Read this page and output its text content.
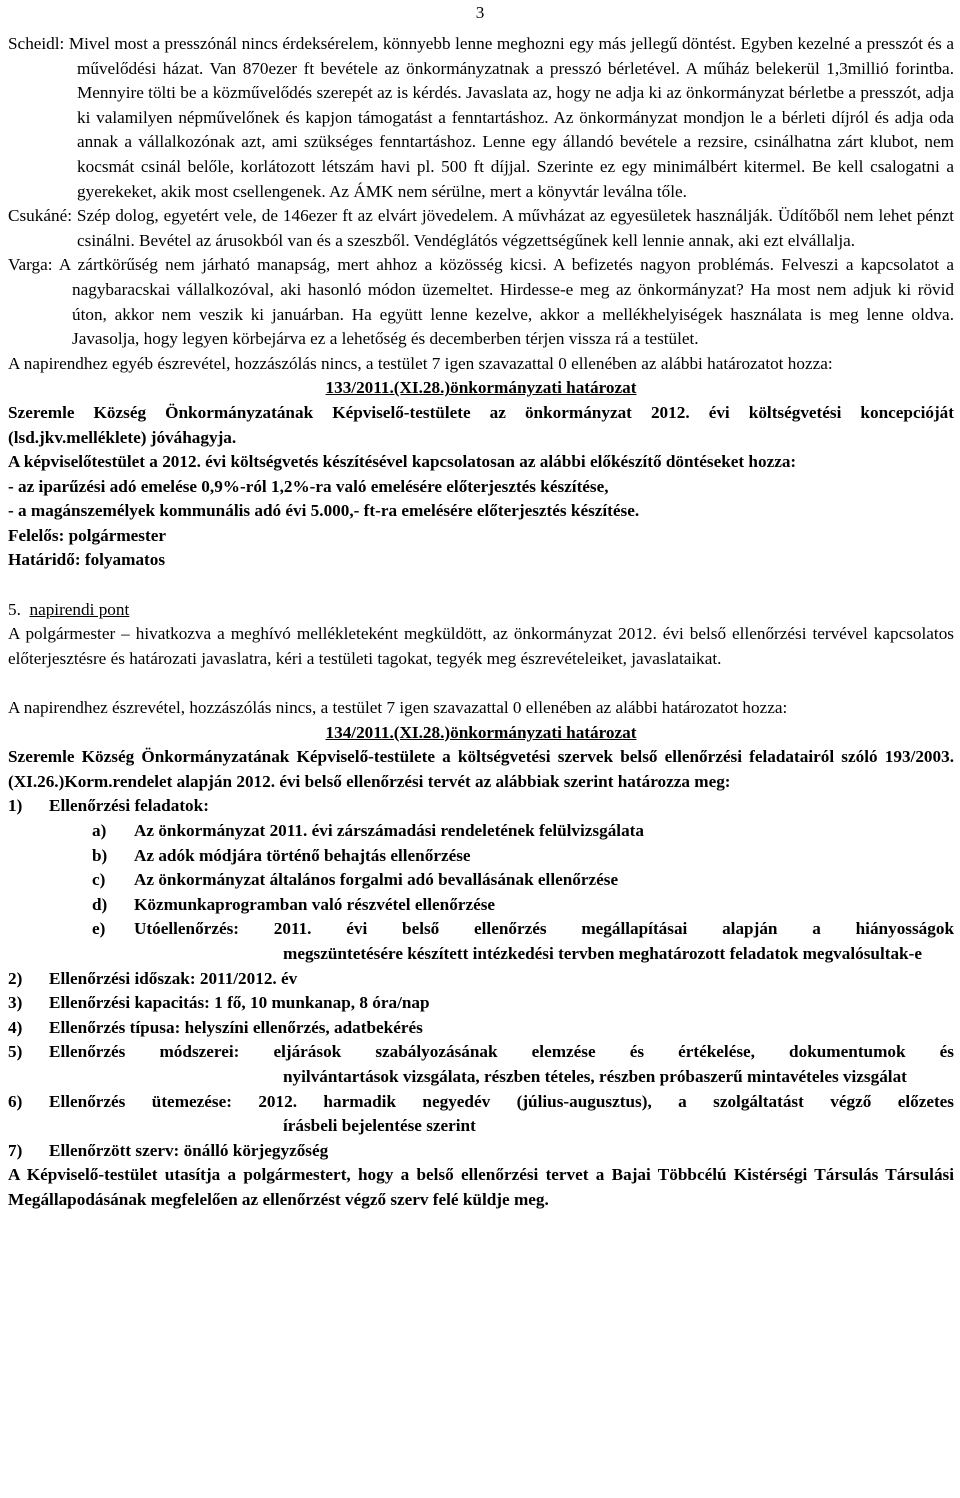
3
Scheidl: Mivel most a presszónál nincs érdeksérelem, könnyebb lenne meghozni egy más jellegű döntést. Egyben kezelné a presszót és a művelődési házat. Van 870ezer ft bevétele az önkormányzatnak a presszó bérletével. A műház belekerül 1,3millió forintba. Mennyire tölti be a közművelődés szerepét az is kérdés. Javaslata az, hogy ne adja ki az önkormányzat bérletbe a presszót, adja ki valamilyen népművelőnek és kapjon támogatást a fenntartáshoz. Az önkormányzat mondjon le a bérleti díjról és adja oda annak a vállalkozónak azt, ami szükséges fenntartáshoz. Lenne egy állandó bevétele a rezsire, csinálhatna zárt klubot, nem kocsmát csinál belőle, korlátozott létszám havi pl. 500 ft díjjal. Szerinte ez egy minimálbért kitermel. Be kell csalogatni a gyerekeket, akik most csellengenek. Az ÁMK nem sérülne, mert a könyvtár leválna tőle.
Csukáné: Szép dolog, egyetért vele, de 146ezer ft az elvárt jövedelem. A művházat az egyesületek használják. Üdítőből nem lehet pénzt csinálni. Bevétel az árusokból van és a szeszből. Vendéglátós végzettségűnek kell lennie annak, aki ezt elvállalja.
Varga: A zártkörűség nem járható manapság, mert ahhoz a közösség kicsi. A befizetés nagyon problémás. Felveszi a kapcsolatot a nagybaracskai vállalkozóval, aki hasonló módon üzemeltet. Hirdesse-e meg az önkormányzat? Ha most nem adjuk ki rövid úton, akkor nem veszik ki januárban. Ha együtt lenne kezelve, akkor a mellékhelyiségek használata is meg lenne oldva. Javasolja, hogy legyen körbejárva ez a lehetőség és decemberben térjen vissza rá a testület.
A napirendhez egyéb észrevétel, hozzászólás nincs, a testület 7 igen szavazattal 0 ellenében az alábbi határozatot hozza:
133/2011.(XI.28.)önkormányzati határozat
Szeremle Község Önkormányzatának Képviselő-testülete az önkormányzat 2012. évi költségvetési koncepcióját (lsd.jkv.melléklete) jóváhagyja.
A képviselőtestület a 2012. évi költségvetés készítésével kapcsolatosan az alábbi előkészítő döntéseket hozza:
- az iparűzési adó emelése 0,9%-ról 1,2%-ra való emelésére előterjesztés készítése,
- a magánszemélyek kommunális adó évi 5.000,- ft-ra emelésére előterjesztés készítése.
Felelős: polgármester
Határidő: folyamatos
5. napirendi pont
A polgármester – hivatkozva a meghívó mellékleteként megküldött, az önkormányzat 2012. évi belső ellenőrzési tervével kapcsolatos előterjesztésre és határozati javaslatra, kéri a testületi tagokat, tegyék meg észrevételeiket, javaslataikat.
A napirendhez észrevétel, hozzászólás nincs, a testület 7 igen szavazattal 0 ellenében az alábbi határozatot hozza:
134/2011.(XI.28.)önkormányzati határozat
Szeremle Község Önkormányzatának Képviselő-testülete a költségvetési szervek belső ellenőrzési feladatairól szóló 193/2003.(XI.26.)Korm.rendelet alapján 2012. évi belső ellenőrzési tervét az alábbiak szerint határozza meg:
1)	Ellenőrzési feladatok:
a)	Az önkormányzat 2011. évi zárszámadási rendeletének felülvizsgálata
b)	Az adók módjára történő behajtás ellenőrzése
c)	Az önkormányzat általános forgalmi adó bevallásának ellenőrzése
d)	Közmunkaprogramban való részvétel ellenőrzése
e)	Utóellenőrzés: 2011. évi belső ellenőrzés megállapításai alapján a hiányosságok
megszüntetésére készített intézkedési tervben meghatározott feladatok megvalósultak-e
2)	Ellenőrzési időszak: 2011/2012. év
3)	Ellenőrzési kapacitás: 1 fő, 10 munkanap, 8 óra/nap
4)	Ellenőrzés típusa: helyszíni ellenőrzés, adatbekérés
5)	Ellenőrzés módszerei: eljárások szabályozásának elemzése és értékelése, dokumentumok és
nyilvántartások vizsgálata, részben tételes, részben próbaszerű mintavételes vizsgálat
6)	Ellenőrzés ütemezése: 2012. harmadik negyedév (július-augusztus), a szolgáltatást végző előzetes
írásbeli bejelentése szerint
7)	Ellenőrzött szerv: önálló körjegyzőség
A Képviselő-testület utasítja a polgármestert, hogy a belső ellenőrzési tervet a Bajai Többcélú Kistérségi Társulás Társulási Megállapodásának megfelelően az ellenőrzést végző szerv felé küldje meg.
